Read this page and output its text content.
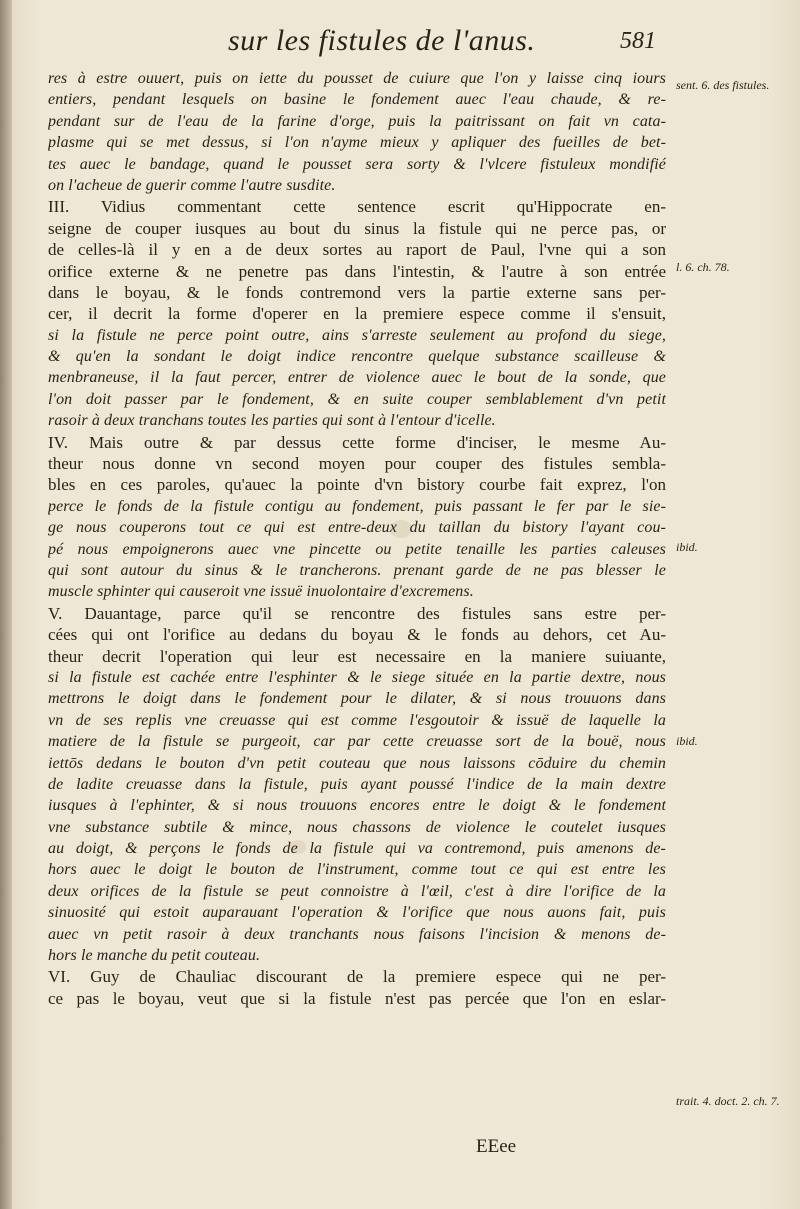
sur les fistules de l'anus.	581
res à estre ouuert, puis on iette du pousset de cuiure que l'on y laisse cinq iours
entiers, pendant lesquels on basine le fondement auec l'eau chaude, & re-
pendant sur de l'eau de la farine d'orge, puis la paitrissant on fait vn cata-
plasme qui se met dessus, si l'on n'ayme mieux y apliquer des fueilles de bet-
tes auec le bandage, quand le pousset sera sorty & l'vlcere fistuleux mondifié
on l'acheue de guerir comme l'autre susdite.
III. Vidius commentant cette sentence escrit qu'Hippocrate en-
seigne de couper iusques au bout du sinus la fistule qui ne perce pas, or
de celles-là il y en a de deux sortes au raport de Paul, l'vne qui a son
orifice externe & ne penetre pas dans l'intestin, & l'autre à son entrée
dans le boyau, & le fonds contremond vers la partie externe sans per-
cer, il decrit la forme d'operer en la premiere espece comme il s'ensuit,
si la fistule ne perce point outre, ains s'arreste seulement au profond du siege,
& qu'en la sondant le doigt indice rencontre quelque substance scailleuse &
menbraneuse, il la faut percer, entrer de violence auec le bout de la sonde, que
l'on doit passer par le fondement, & en suite couper semblablement d'vn petit
rasoir à deux tranchans toutes les parties qui sont à l'entour d'icelle.
IV. Mais outre & par dessus cette forme d'inciser, le mesme Au-
theur nous donne vn second moyen pour couper des fistules sembla-
bles en ces paroles, qu'auec la pointe d'vn bistory courbe fait exprez, l'on
perce le fonds de la fistule contigu au fondement, puis passant le fer par le sie-
ge nous couperons tout ce qui est entre-deux du taillan du bistory l'ayant cou-
pé nous empoignerons auec vne pincette ou petite tenaille les parties caleuses
qui sont autour du sinus & le trancherons. prenant garde de ne pas blesser le
muscle sphinter qui causeroit vne issuë inuolontaire d'excremens.
V. Dauantage, parce qu'il se rencontre des fistules sans estre per-
cées qui ont l'orifice au dedans du boyau & le fonds au dehors, cet Au-
theur decrit l'operation qui leur est necessaire en la maniere suiuante,
si la fistule est cachée entre l'esphinter & le siege située en la partie dextre, nous
mettrons le doigt dans le fondement pour le dilater, & si nous trouuons dans
vn de ses replis vne creuasse qui est comme l'esgoutoir & issuë de laquelle la
matiere de la fistule se purgeoit, car par cette creuasse sort de la bouë, nous
iettōs dedans le bouton d'vn petit couteau que nous laissons cōduire du chemin
de ladite creuasse dans la fistule, puis ayant poussé l'indice de la main dextre
iusques à l'ephinter, & si nous trouuons encores entre le doigt & le fondement
vne substance subtile & mince, nous chassons de violence le coutelet iusques
au doigt, & perçons le fonds de la fistule qui va contremond, puis amenons de-
hors auec le doigt le bouton de l'instrument, comme tout ce qui est entre les
deux orifices de la fistule se peut connoistre à l'œil, c'est à dire l'orifice de la
sinuosité qui estoit auparauant l'operation & l'orifice que nous auons fait, puis
auec vn petit rasoir à deux tranchants nous faisons l'incision & menons de-
hors le manche du petit couteau.
VI. Guy de Chauliac discourant de la premiere espece qui ne per-
ce pas le boyau, veut que si la fistule n'est pas percée que l'on en eslar-
sent. 6. des fistules.
l. 6. ch. 78.
ibid.
ibid.
trait. 4. doct. 2. ch. 7.
EEee
